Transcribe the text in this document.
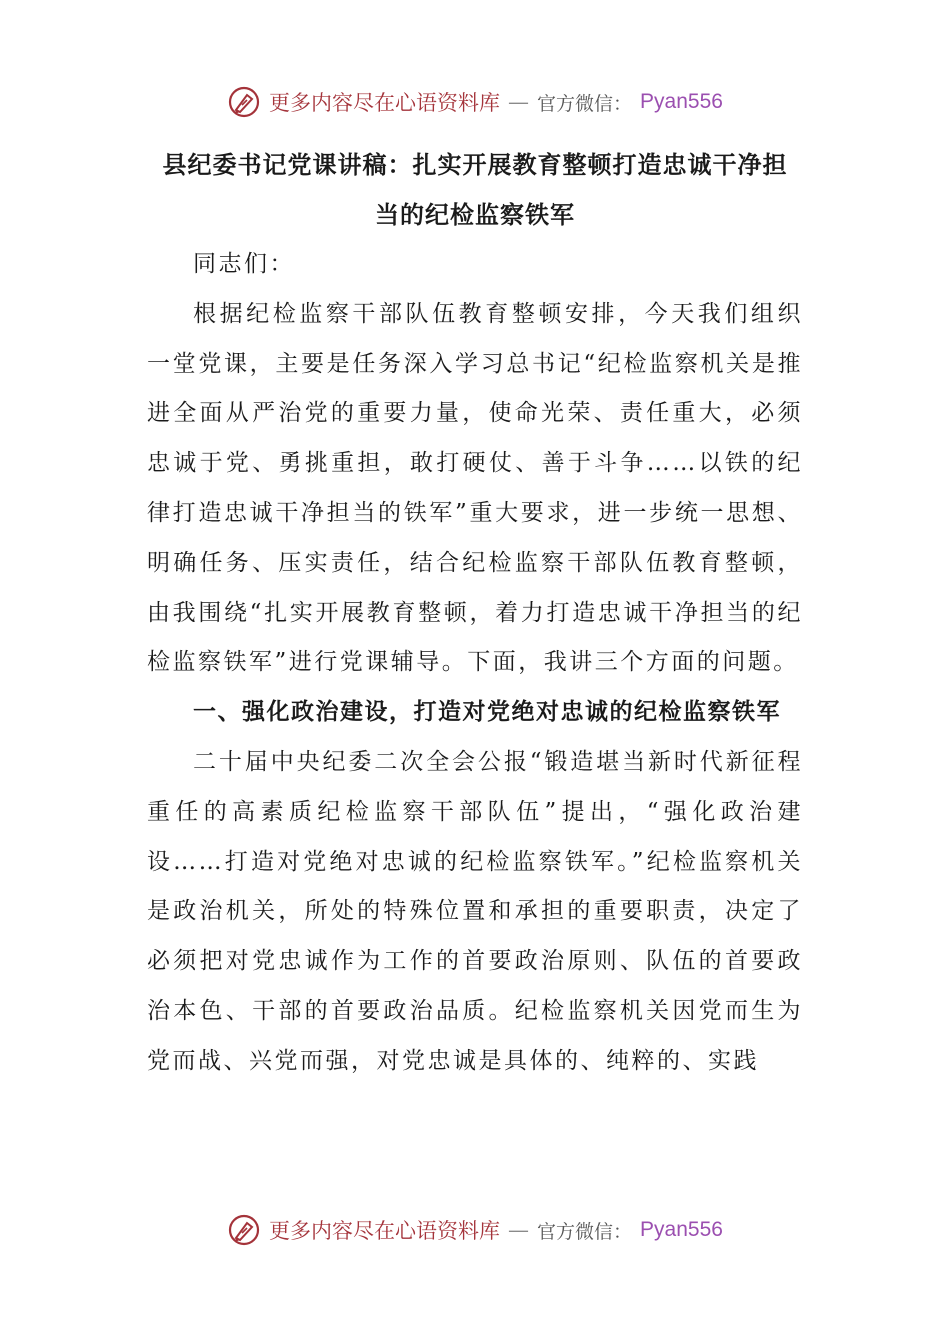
更多内容尽在心语资料库 — 官方微信： Pyan556

县纪委书记党课讲稿：扎实开展教育整顿打造忠诚干净担

当的纪检监察铁军

同志们：

根据纪检监察干部队伍教育整顿安排，今天我们组织一堂党课，主要是任务深入学习总书记“纪检监察机关是推进全面从严治党的重要力量，使命光荣、责任重大，必须忠诚于党、勇挑重担，敢打硬仗、善于斗争……以铁的纪律打造忠诚干净担当的铁军”重大要求，进一步统一思想、明确任务、压实责任，结合纪检监察干部队伍教育整顿，由我围绕“扎实开展教育整顿，着力打造忠诚干净担当的纪检监察铁军”进行党课辅导。下面，我讲三个方面的问题。

一、强化政治建设，打造对党绝对忠诚的纪检监察铁军

二十届中央纪委二次全会公报“锻造堪当新时代新征程重任的高素质纪检监察干部队伍”提出，“强化政治建设……打造对党绝对忠诚的纪检监察铁军。”纪检监察机关是政治机关，所处的特殊位置和承担的重要职责，决定了必须把对党忠诚作为工作的首要政治原则、队伍的首要政治本色、干部的首要政治品质。纪检监察机关因党而生为党而战、兴党而强，对党忠诚是具体的、纯粹的、实践

更多内容尽在心语资料库 — 官方微信： Pyan556
